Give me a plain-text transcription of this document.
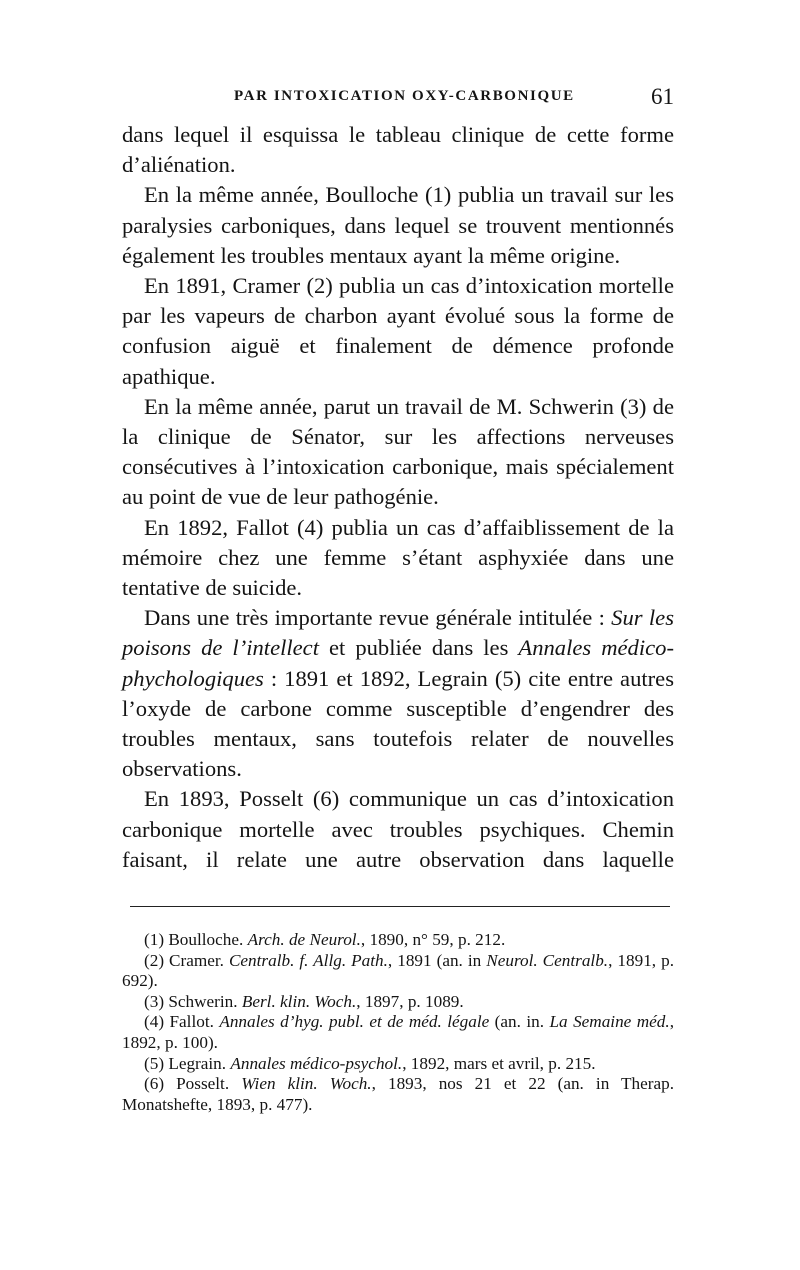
PAR INTOXICATION OXY-CARBONIQUE	61

dans lequel il esquissa le tableau clinique de cette forme d’aliénation.

En la même année, Boulloche (1) publia un travail sur les paralysies carboniques, dans lequel se trouvent mentionnés également les troubles mentaux ayant la même origine.

En 1891, Cramer (2) publia un cas d’intoxication mortelle par les vapeurs de charbon ayant évolué sous la forme de confusion aiguë et finalement de démence profonde apathique.

En la même année, parut un travail de M. Schwerin (3) de la clinique de Sénator, sur les affections nerveuses consécutives à l’intoxication carbonique, mais spécialement au point de vue de leur pathogénie.

En 1892, Fallot (4) publia un cas d’affaiblissement de la mémoire chez une femme s’étant asphyxiée dans une tentative de suicide.

Dans une très importante revue générale intitulée : Sur les poisons de l’intellect et publiée dans les Annales médico-phychologiques : 1891 et 1892, Legrain (5) cite entre autres l’oxyde de carbone comme susceptible d’engendrer des troubles mentaux, sans toutefois relater de nouvelles observations.

En 1893, Posselt (6) communique un cas d’intoxication carbonique mortelle avec troubles psychiques. Chemin faisant, il relate une autre observation dans laquelle

(1) Boulloche. Arch. de Neurol., 1890, n° 59, p. 212.

(2) Cramer. Centralb. f. Allg. Path., 1891 (an. in Neurol. Centralb., 1891, p. 692).

(3) Schwerin. Berl. klin. Woch., 1897, p. 1089.

(4) Fallot. Annales d’hyg. publ. et de méd. légale (an. in. La Semaine méd., 1892, p. 100).

(5) Legrain. Annales médico-psychol., 1892, mars et avril, p. 215.

(6) Posselt. Wien klin. Woch., 1893, nos 21 et 22 (an. in Therap. Monatshefte, 1893, p. 477).
